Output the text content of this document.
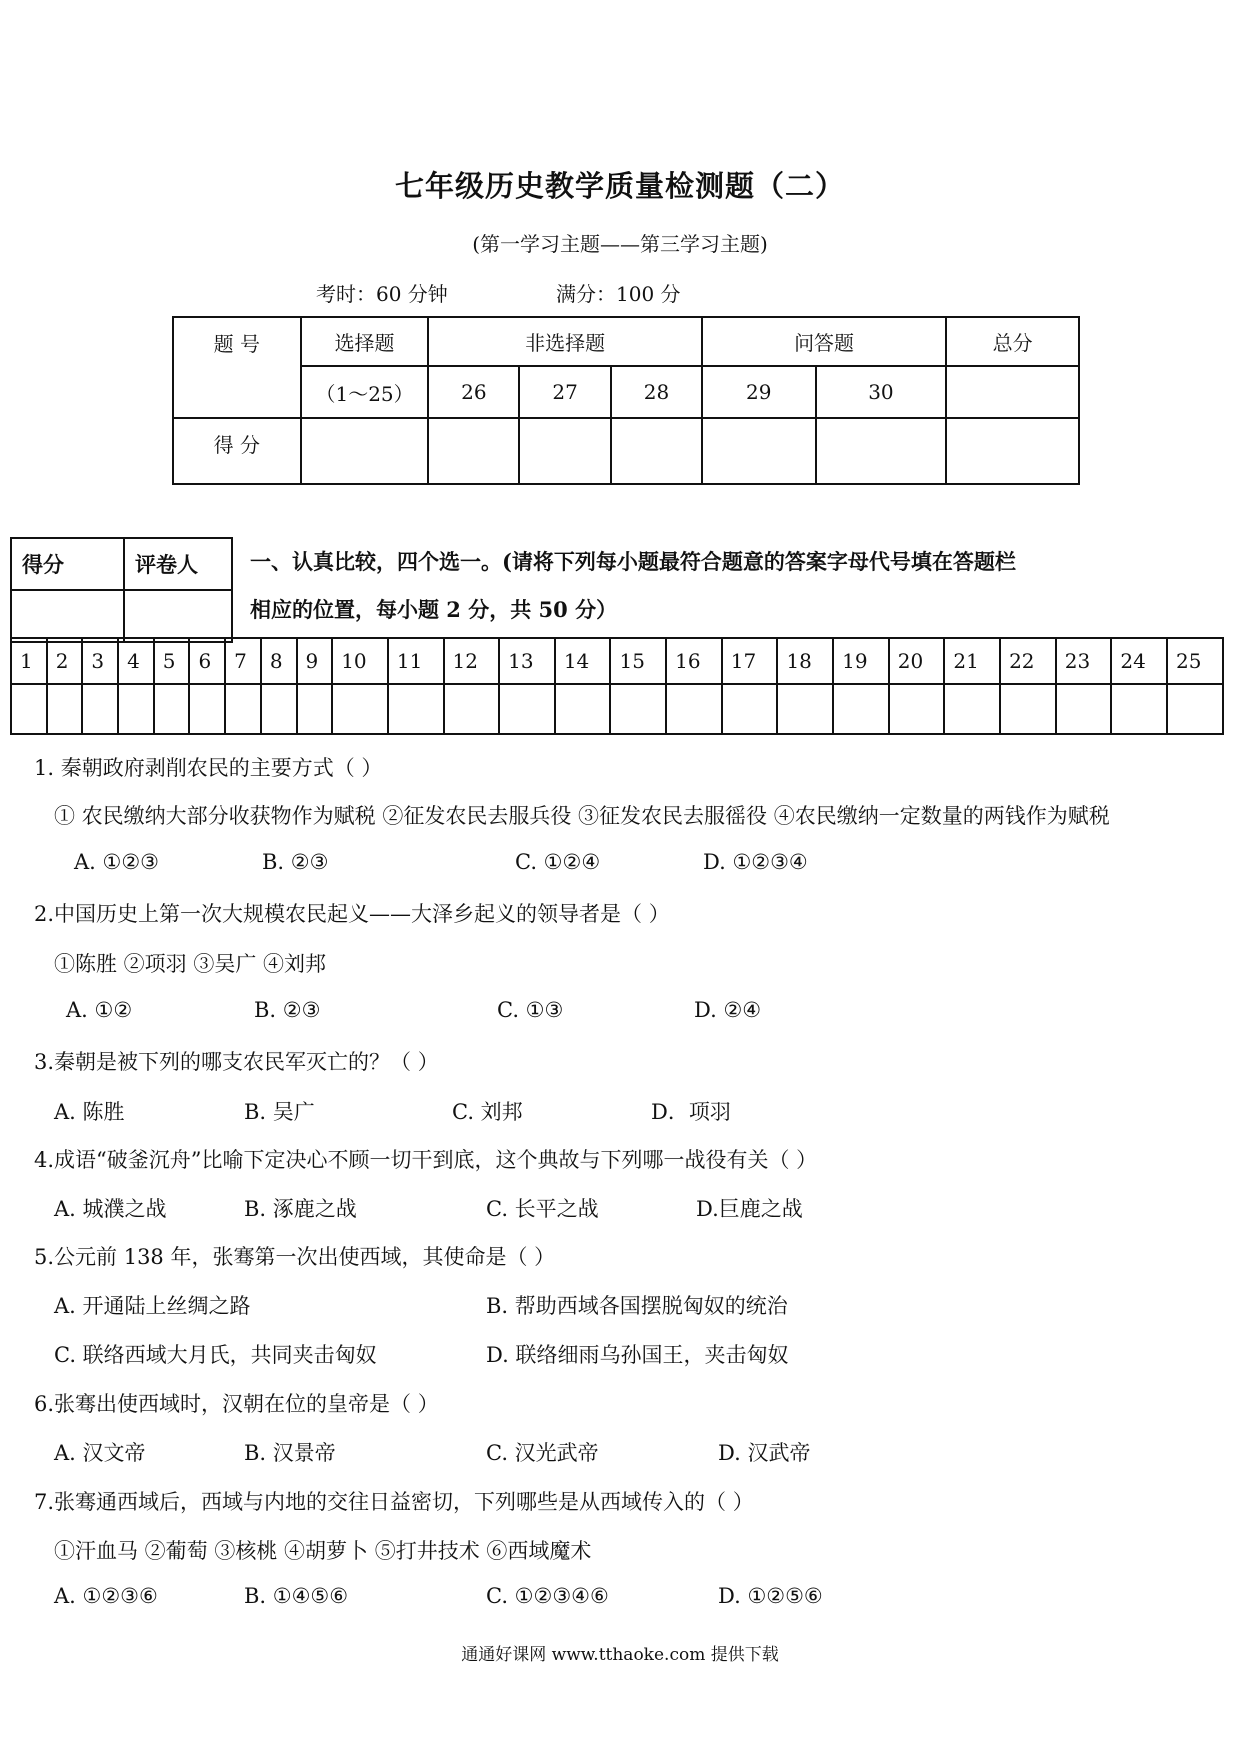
七年级历史教学质量检测题（二）
(第一学习主题——第三学习主题)
考时：60 分钟	满分：100 分
题 号	选择题	非选择题			问答题		总分
	（1～25）	26	27	28	29	30	
得 分							
得分	评卷人
	一、认真比较，四个选一。(请将下列每小题最符合题意的答案字母代号填在答题栏
相应的位置，每小题 2 分，共 50 分）
1	2	3	4	5	6	7	8	9	10	11	12	13	14	15	16	17	18	19	20	21	22	23	24	25

1. 秦朝政府剥削农民的主要方式（ ）
① 农民缴纳大部分收获物作为赋税 ②征发农民去服兵役 ③征发农民去服徭役 ④农民缴纳一定数量的两钱作为赋税
A. ①②③	B. ②③	C. ①②④	D. ①②③④
2.中国历史上第一次大规模农民起义——大泽乡起义的领导者是（ ）
①陈胜 ②项羽 ③吴广 ④刘邦
A. ①②	B. ②③	C. ①③	D. ②④
3.秦朝是被下列的哪支农民军灭亡的？（ ）
A. 陈胜	B. 吴广	C. 刘邦	D．项羽
4.成语“破釜沉舟”比喻下定决心不顾一切干到底，这个典故与下列哪一战役有关（ ）
A. 城濮之战	B. 涿鹿之战	C. 长平之战	D.巨鹿之战
5.公元前 138 年，张骞第一次出使西域，其使命是（ ）
A. 开通陆上丝绸之路	B. 帮助西域各国摆脱匈奴的统治
C. 联络西域大月氏，共同夹击匈奴	D. 联络细雨乌孙国王，夹击匈奴
6.张骞出使西域时，汉朝在位的皇帝是（ ）
A. 汉文帝	B. 汉景帝	C. 汉光武帝	D. 汉武帝
7.张骞通西域后，西域与内地的交往日益密切，下列哪些是从西域传入的（ ）
①汗血马 ②葡萄 ③核桃 ④胡萝卜 ⑤打井技术 ⑥西域魔术
A. ①②③⑥	B. ①④⑤⑥	C. ①②③④⑥	D. ①②⑤⑥
通通好课网 www.tthaoke.com 提供下载
